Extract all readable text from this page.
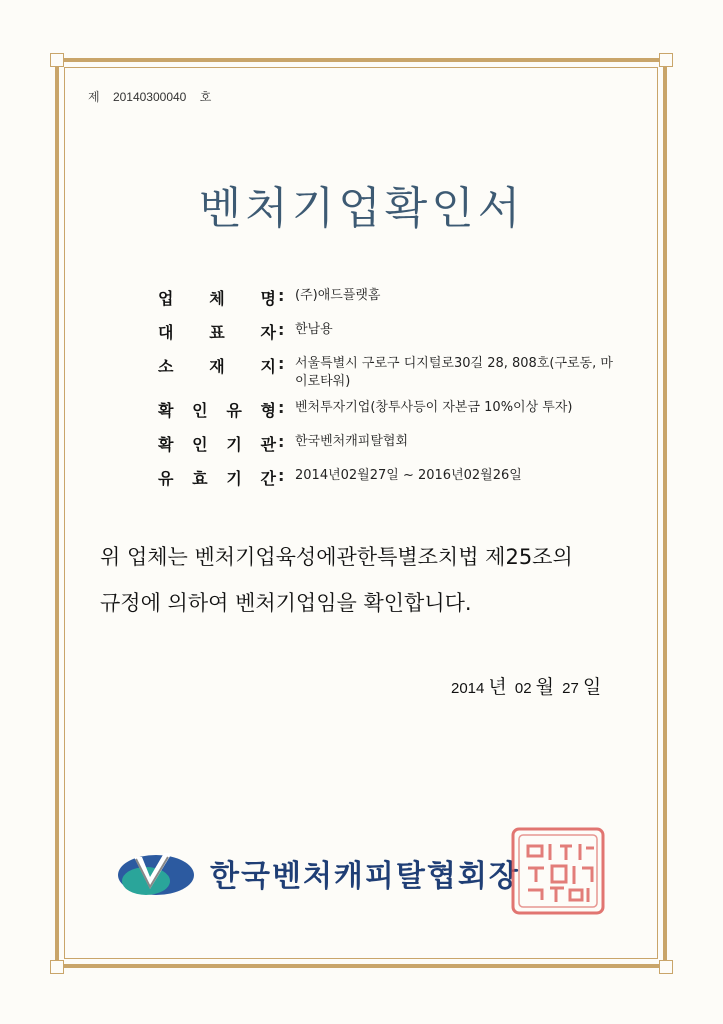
제 20140300040 호
벤처기업확인서
업 체 명 : (주)애드플랫홈
대 표 자 : 한남용
소 재 지 : 서울특별시 구로구 디지털로30길 28, 808호(구로동, 마이로타워)
확 인 유 형 : 벤처투자기업(창투사등이 자본금 10%이상 투자)
확 인 기 관 : 한국벤처캐피탈협회
유 효 기 간 : 2014년02월27일 ~ 2016년02월26일
위 업체는 벤처기업육성에관한특별조치법 제25조의
규정에 의하여 벤처기업임을 확인합니다.
2014 년 02 월 27 일
한국벤처캐피탈협회장
